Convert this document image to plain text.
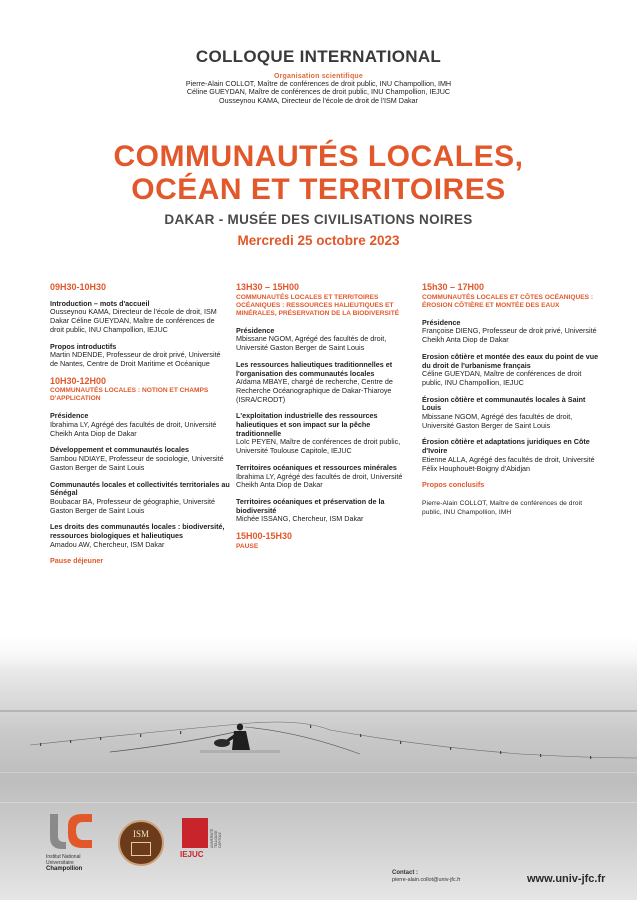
COLLOQUE INTERNATIONAL
Organisation scientifique
Pierre-Alain COLLOT, Maître de conférences de droit public, INU Champollion, IMH
Céline GUEYDAN, Maître de conférences de droit public, INU Champollion, IEJUC
Ousseynou KAMA, Directeur de l'école de droit de l'ISM Dakar
COMMUNAUTÉS LOCALES,
OCÉAN ET TERRITOIRES
DAKAR - MUSÉE DES CIVILISATIONS NOIRES
Mercredi 25 octobre 2023
09H30-10H30
Introduction – mots d'accueil
Ousseynou KAMA, Directeur de l'école de droit, ISM Dakar Céline GUEYDAN, Maître de conférences de droit public, INU Champollion, IEJUC
Propos introductifs
Martin NDENDE, Professeur de droit privé, Université de Nantes, Centre de Droit Maritime et Océanique
10H30-12H00
COMMUNAUTÉS LOCALES : NOTION ET CHAMPS D'APPLICATION
Présidence
Ibrahima LY, Agrégé des facultés de droit, Université Cheikh Anta Diop de Dakar
Développement et communautés locales
Sambou NDIAYE, Professeur de sociologie, Université Gaston Berger de Saint Louis
Communautés locales et collectivités territoriales au Sénégal
Boubacar BA, Professeur de géographie, Université Gaston Berger de Saint Louis
Les droits des communautés locales : biodiversité, ressources biologiques et halieutiques
Amadou AW, Chercheur, ISM Dakar
Pause déjeuner
13H30 – 15H00
COMMUNAUTÉS LOCALES ET TERRITOIRES OCÉANIQUES : RESSOURCES HALIEUTIQUES ET MINÉRALES, PRÉSERVATION DE LA BIODIVERSITÉ
Présidence
Mbissane NGOM, Agrégé des facultés de droit, Université Gaston Berger de Saint Louis
Les ressources halieutiques traditionnelles et l'organisation des communautés locales
Aïdama MBAYE, chargé de recherche, Centre de Recherche Océanographique de Dakar-Thiaroye (ISRA/CRODT)
L'exploitation industrielle des ressources halieutiques et son impact sur la pêche traditionnelle
Loïc PEYEN, Maître de conférences de droit public, Université Toulouse Capitole, IEJUC
Territoires océaniques et ressources minérales
Ibrahima LY, Agrégé des facultés de droit, Université Cheikh Anta Diop de Dakar
Territoires océaniques et préservation de la biodiversité
Michée ISSANG, Chercheur, ISM Dakar
15H00-15H30
PAUSE
15h30 – 17H00
COMMUNAUTÉS LOCALES ET CÔTES OCÉANIQUES : ÉROSION CÔTIÈRE ET MONTÉE DES EAUX
Présidence
Françoise DIENG, Professeur de droit privé, Université Cheikh Anta Diop de Dakar
Erosion côtière et montée des eaux du point de vue du droit de l'urbanisme français
Céline GUEYDAN, Maître de conférences de droit public, INU Champollion, IEJUC
Érosion côtière et communautés locales à Saint Louis
Mbissane NGOM, Agrégé des facultés de droit, Université Gaston Berger de Saint Louis
Érosion côtière et adaptations juridiques en Côte d'Ivoire
Etienne ALLA, Agrégé des facultés de droit, Université Félix Houphouët-Boigny d'Abidjan
Propos conclusifs
Pierre-Alain COLLOT, Maître de conférences de droit public, INU Champollion, IMH
Institut National
Universitaire
Champollion
ISM	UNIVERSITÉ TOULOUSE CAPITOLE
IEJUC
Contact :
pierre-alain.collot@univ-jfc.fr	www.univ-jfc.fr
